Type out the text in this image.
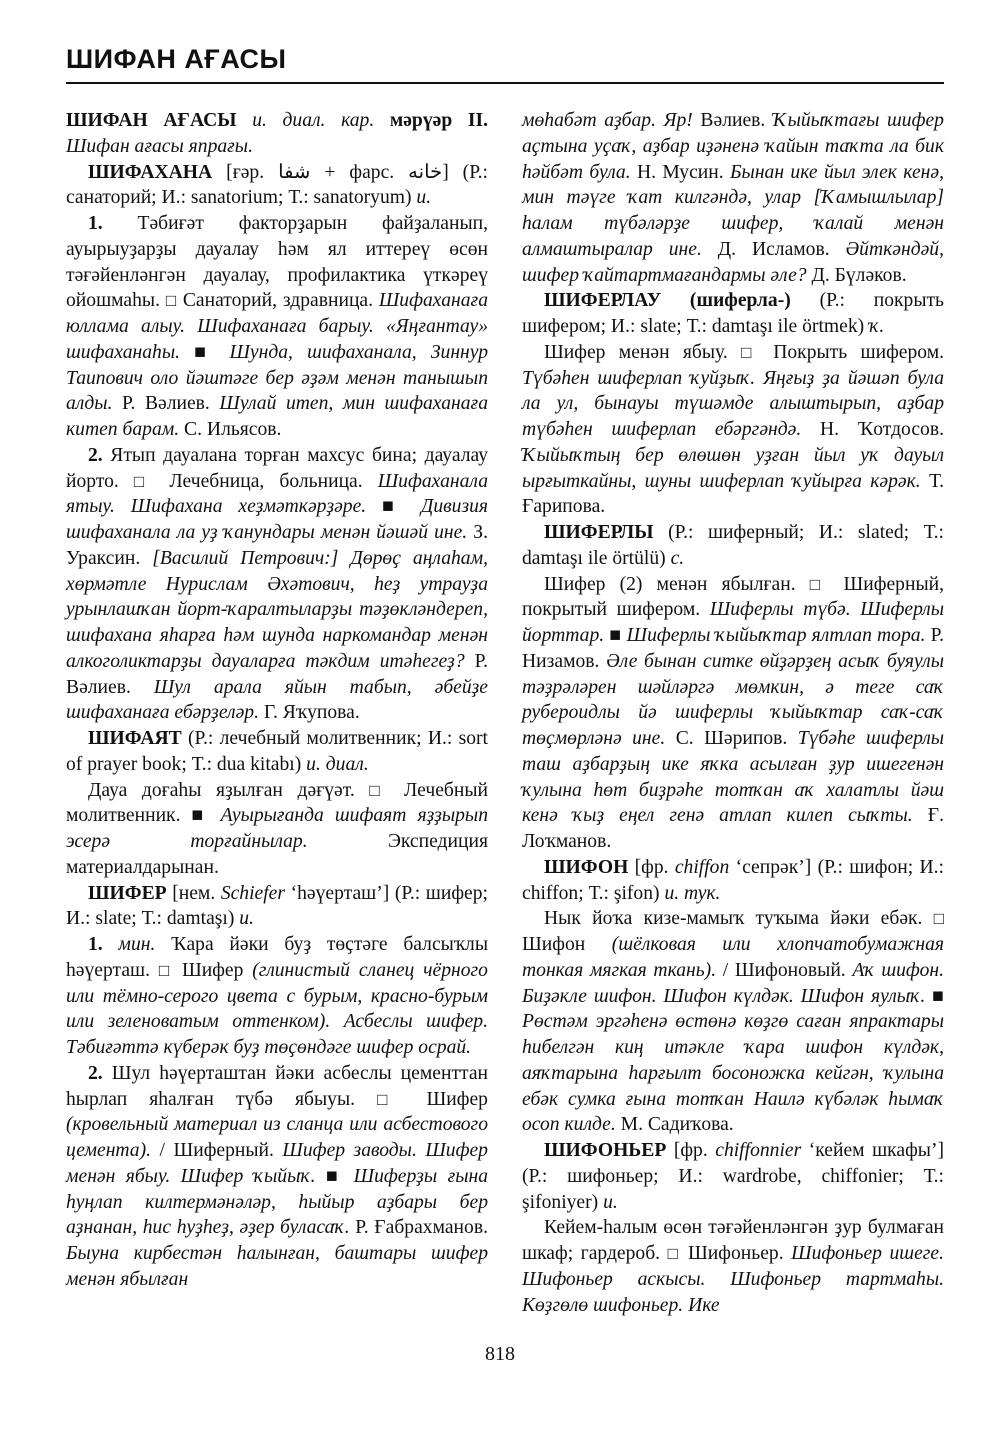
ШИФАН АҒАСЫ

ШИФАН АҒАСЫ и. диал. кар. мәрүәр II. Шифан ағасы япрағы.

ШИФАХАНА [ғәр. شفا + фарс. خانه] (Р.: санаторий; И.: sanatorium; Т.: sanatoryum) и.

1. Тәбиғәт факторҙарын файҙаланып, ауырыуҙарҙы дауалау һәм ял иттереү өсөн тәғәйенләнгән дауалау, профилактика үткәреү ойошмаһы. □ Санаторий, здравница. Шифаханаға юллама алыу. Шифаханаға барыу. «Яңғантау» шифаханаһы. ■ Шунда, шифаханала, Зиннур Таипович оло йәштәге бер әҙәм менән танышып алды. Р. Вәлиев. Шулай итеп, мин шифаханаға китеп барам. С. Ильясов.

2. Ятып дауалана торған махсус бина; дауалау йорто. □ Лечебница, больница. Шифаханала ятыу. Шифахана хеҙмәткәрҙәре. ■ Дивизия шифаханала ла уҙ ҡанундары менән йәшәй ине. З. Ураксин. [Василий Петрович:] Дөрөҫ аңлаһам, хөрмәтле Нурислам Әхәтович, һеҙ утрауҙа урынлашҡан йорт-ҡаралтыларҙы тәҙөкләндереп, шифахана яһарға һәм шунда наркомандар менән алкоголиктарҙы дауаларға тәкдим итәһегеҙ? Р. Вәлиев. Шул арала яйын табып, әбейҙе шифаханаға ебәрҙеләр. Г. Яҡупова.

ШИФАЯТ (Р.: лечебный молитвенник; И.: sort of prayer book; Т.: dua kitabı) и. диал.

Дауа доғаһы яҙылған дәғүәт. □ Лечебный молитвенник. ■ Ауырығанда шифаят яҙҙырып эсерә торғайнылар. Экспедиция материалдарынан.

ШИФЕР [нем. Schiefer ‘һәүерташ’] (Р.: шифер; И.: slate; Т.: damtaşı) и.

1. мин. Ҡара йәки буҙ төҫтәге балсыҡлы һәүерташ. □ Шифер (глинистый сланец чёрного или тёмно-серого цвета с бурым, красно-бурым или зеленоватым оттенком). Асбеслы шифер. Тәбиғәттә күберәк буҙ төҫөндәге шифер осрай.

2. Шул һәүерташтан йәки асбеслы цементтан һырлап яһалған түбә ябыуы. □ Шифер (кровельный материал из сланца или асбестового цемента). / Шиферный. Шифер заводы. Шифер менән ябыу. Шифер ҡыйыҡ. ■ Шиферҙы ғына һуңлап килтермәнәләр, һыйыр аҙбары бер аҙнанан, һис һуҙһеҙ, әҙер буласаҡ. Р. Ғабрахманов. Быуна кирбестән һалынған, баштары шифер менән ябылған

мөһабәт аҙбар. Яр! Вәлиев. Ҡыйыҡтағы шифер аҫтына уҫаҡ, аҙбар иҙәненә ҡайын таҡта ла бик һәйбәт була. Н. Мусин. Бынан ике йыл элек кенә, мин тәүге ҡат килгәндә, улар [Ҡамышлылар] һалам түбәләрҙе шифер, ҡалай менән алмаштыралар ине. Д. Исламов. Әйткәндәй, шифер ҡайтартмағандармы әле? Д. Бүләков.

ШИФЕРЛАУ (шиферла-) (Р.: покрыть шифером; И.: slate; Т.: damtaşı ile örtmek) ҡ.

Шифер менән ябыу. □ Покрыть шифером. Түбәһен шиферлап ҡуйҙыҡ. Яңғыҙ ҙа йәшәп була ла ул, бынауы түшәмде алыштырып, аҙбар түбәһен шиферлап ебәргәндә. Н. Ҡотдосов. Ҡыйыҡтың бер өлөшөн уҙған йыл уҡ дауыл ырғыткайны, шуны шиферлап ҡуйырға кәрәк. Т. Ғарипова.

ШИФЕРЛЫ (Р.: шиферный; И.: slated; Т.: damtaşı ile örtülü) с.

Шифер (2) менән ябылған. □ Шиферный, покрытый шифером. Шиферлы түбә. Шиферлы йорттар. ■ Шиферлы ҡыйыҡтар ялтлап тора. Р. Низамов. Әле бынан ситке өйҙәрҙең асыҡ буяулы тәҙрәләрен шәйләргә мөмкин, ә теге саҡ рубероидлы йә шиферлы ҡыйыҡтар саҡ-саҡ төҫмөрләнә ине. С. Шәрипов. Түбәһе шиферлы таш аҙбарҙың ике яҡка асылған ҙур ишегенән ҡулына һөт биҙрәһе тотҡан аҡ халатлы йәш кенә ҡыҙ еңел генә атлап килеп сыҡты. Ғ. Лоҡманов.

ШИФОН [фр. chiffon ‘сепрәк’] (Р.: шифон; И.: chiffon; Т.: şifon) и. тук.

Нык йоҡа кизе-мамыҡ туҡыма йәки ебәк. □ Шифон (шёлковая или хлопчатобумажная тонкая мягкая ткань). / Шифоновый. Аҡ шифон. Биҙәкле шифон. Шифон күлдәк. Шифон яулыҡ. ■ Рөстәм эргәһенә өстөнә көҙгө саған япрактары һибелгән киң итәкле ҡара шифон күлдәк, аяҡтарына һарғылт босоножка кейгән, ҡулына ебәк сумка ғына тотҡан Наилә күбәләк һымаҡ осоп килде. М. Садиҡова.

ШИФОНЬЕР [фр. chiffonnier ‘кейем шкафы’] (Р.: шифоньер; И.: wardrobe, chiffonier; Т.: şifoniyer) и.

Кейем-һалым өсөн тәғәйенләнгән ҙур булмаған шкаф; гардероб. □ Шифоньер. Шифоньер ишеге. Шифоньер аскысы. Шифоньер тартмаһы. Көҙгөлө шифоньер. Ике

818
